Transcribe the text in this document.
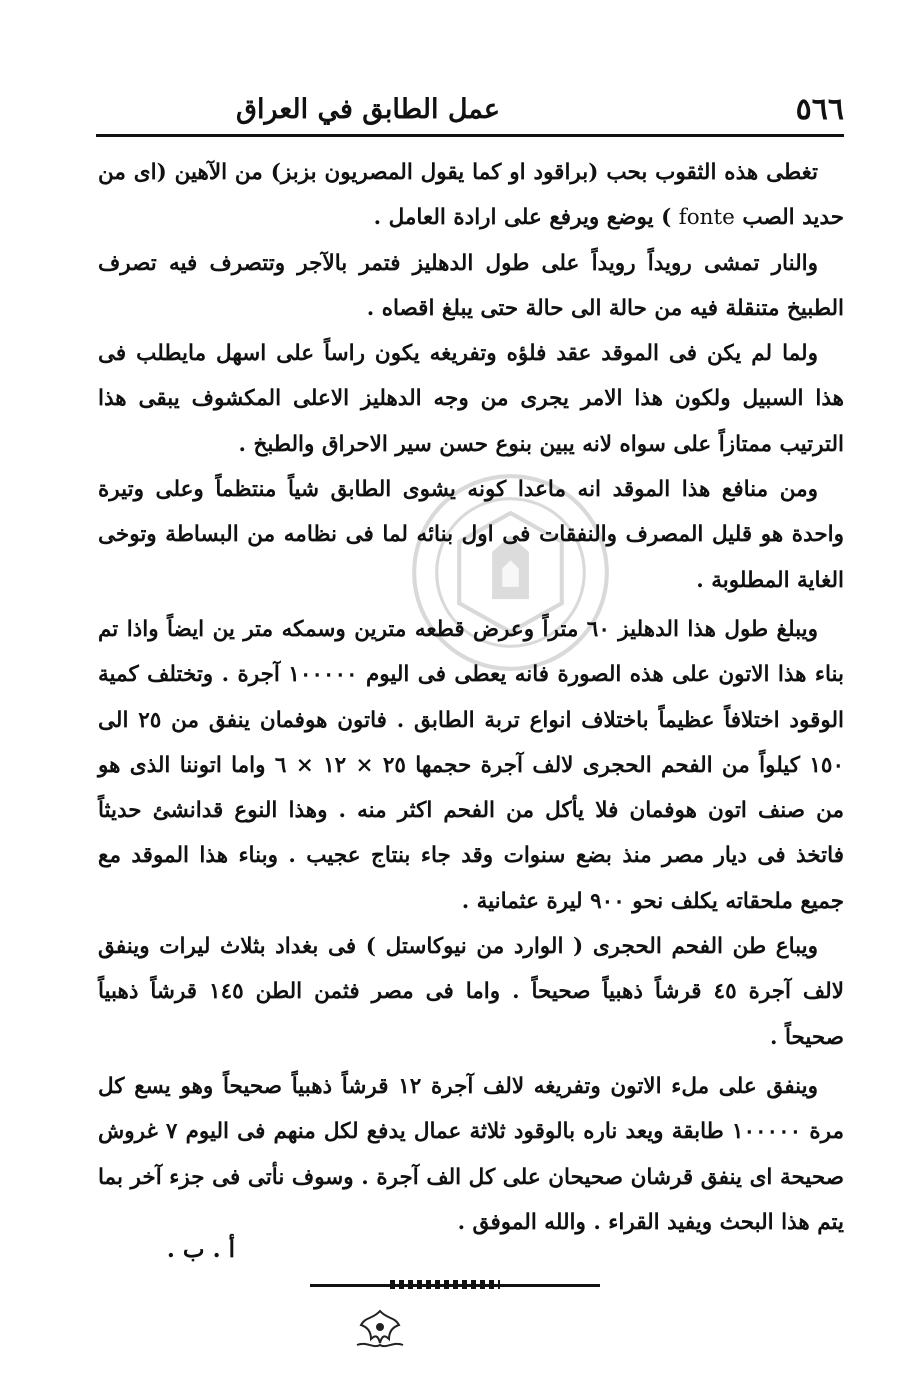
٥٦٦
عمل الطابق في العراق

تغطى هذه الثقوب بحب (براقود او كما يقول المصريون بزبز) من الآهين (اى من حديد الصب fonte ) يوضع ويرفع على ارادة العامل .

والنار تمشى رويداً رويداً على طول الدهليز فتمر بالآجر وتتصرف فيه تصرف الطبيخ متنقلة فيه من حالة الى حالة حتى يبلغ اقصاه .

ولما لم يكن فى الموقد عقد فلؤه وتفريغه يكون راساً على اسهل مايطلب فى هذا السبيل ولكون هذا الامر يجرى من وجه الدهليز الاعلى المكشوف يبقى هذا الترتيب ممتازاً على سواه لانه يبين بنوع حسن سير الاحراق والطبخ .

ومن منافع هذا الموقد انه ماعدا كونه يشوى الطابق شياً منتظماً وعلى وتيرة واحدة هو قليل المصرف والنفقات فى اول بنائه لما فى نظامه من البساطة وتوخى الغاية المطلوبة .

ويبلغ طول هذا الدهليز ٦٠ متراً وعرض قطعه مترين وسمكه متر ين ايضاً واذا تم بناء هذا الاتون على هذه الصورة فانه يعطى فى اليوم ١٠٠٠٠٠ آجرة . وتختلف كمية الوقود اختلافاً عظيماً باختلاف انواع تربة الطابق . فاتون هوفمان ينفق من ٢٥ الى ١٥٠ كيلواً من الفحم الحجرى لالف آجرة حجمها ٢٥ × ١٢ × ٦ واما اتوننا الذى هو من صنف اتون هوفمان فلا يأكل من الفحم اكثر منه . وهذا النوع قدانشئ حديثاً فاتخذ فى ديار مصر منذ بضع سنوات وقد جاء بنتاج عجيب . وبناء هذا الموقد مع جميع ملحقاته يكلف نحو ٩٠٠ ليرة عثمانية .

ويباع طن الفحم الحجرى ( الوارد من نيوكاستل ) فى بغداد بثلاث ليرات وينفق لالف آجرة ٤٥ قرشاً ذهبياً صحيحاً . واما فى مصر فثمن الطن ١٤٥ قرشاً ذهبياً صحيحاً .

وينفق على ملء الاتون وتفريغه لالف آجرة ١٢ قرشاً ذهبياً صحيحاً وهو يسع كل مرة ١٠٠٠٠٠ طابقة ويعد ناره بالوقود ثلاثة عمال يدفع لكل منهم فى اليوم ٧ غروش صحيحة اى ينفق قرشان صحيحان على كل الف آجرة . وسوف نأتى فى جزء آخر بما يتم هذا البحث ويفيد القراء . والله الموفق .

أ . ب .
